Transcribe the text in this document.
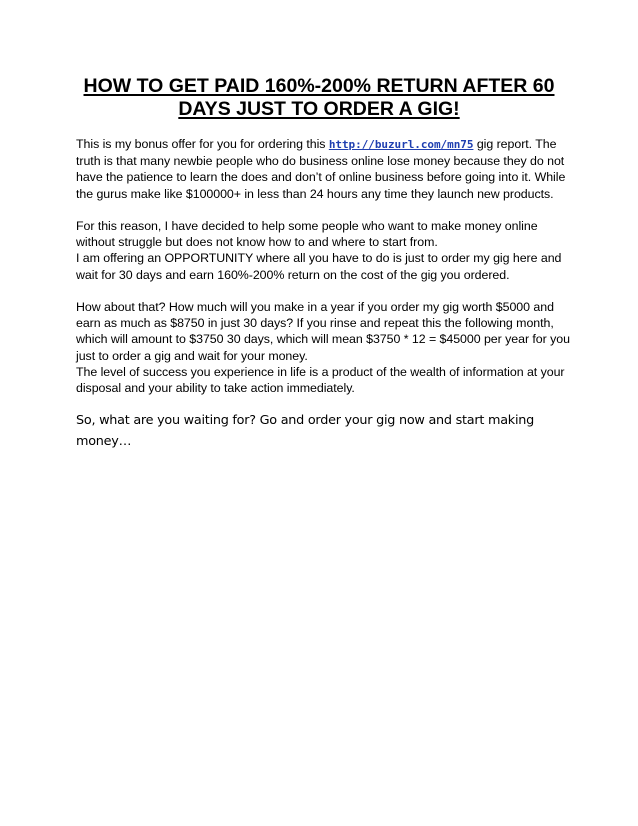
HOW TO GET PAID 160%-200% RETURN AFTER 60 DAYS JUST TO ORDER A GIG!

This is my bonus offer for you for ordering this http://buzurl.com/mn75 gig report. The truth is that many newbie people who do business online lose money because they do not have the patience to learn the does and don’t of online business before going into it. While the gurus make like $100000+ in less than 24 hours any time they launch new products.

For this reason, I have decided to help some people who want to make money online without struggle but does not know how to and where to start from.

I am offering an OPPORTUNITY where all you have to do is just to order my gig here and wait for 30 days and earn 160%-200% return on the cost of the gig you ordered.

How about that? How much will you make in a year if you order my gig worth $5000 and earn as much as $8750 in just 30 days? If you rinse and repeat this the following month, which will amount to $3750 30 days, which will mean $3750 * 12 = $45000 per year for you just to order a gig and wait for your money.

The level of success you experience in life is a product of the wealth of information at your disposal and your ability to take action immediately.

So, what are you waiting for? Go and order your gig now and start making money…
